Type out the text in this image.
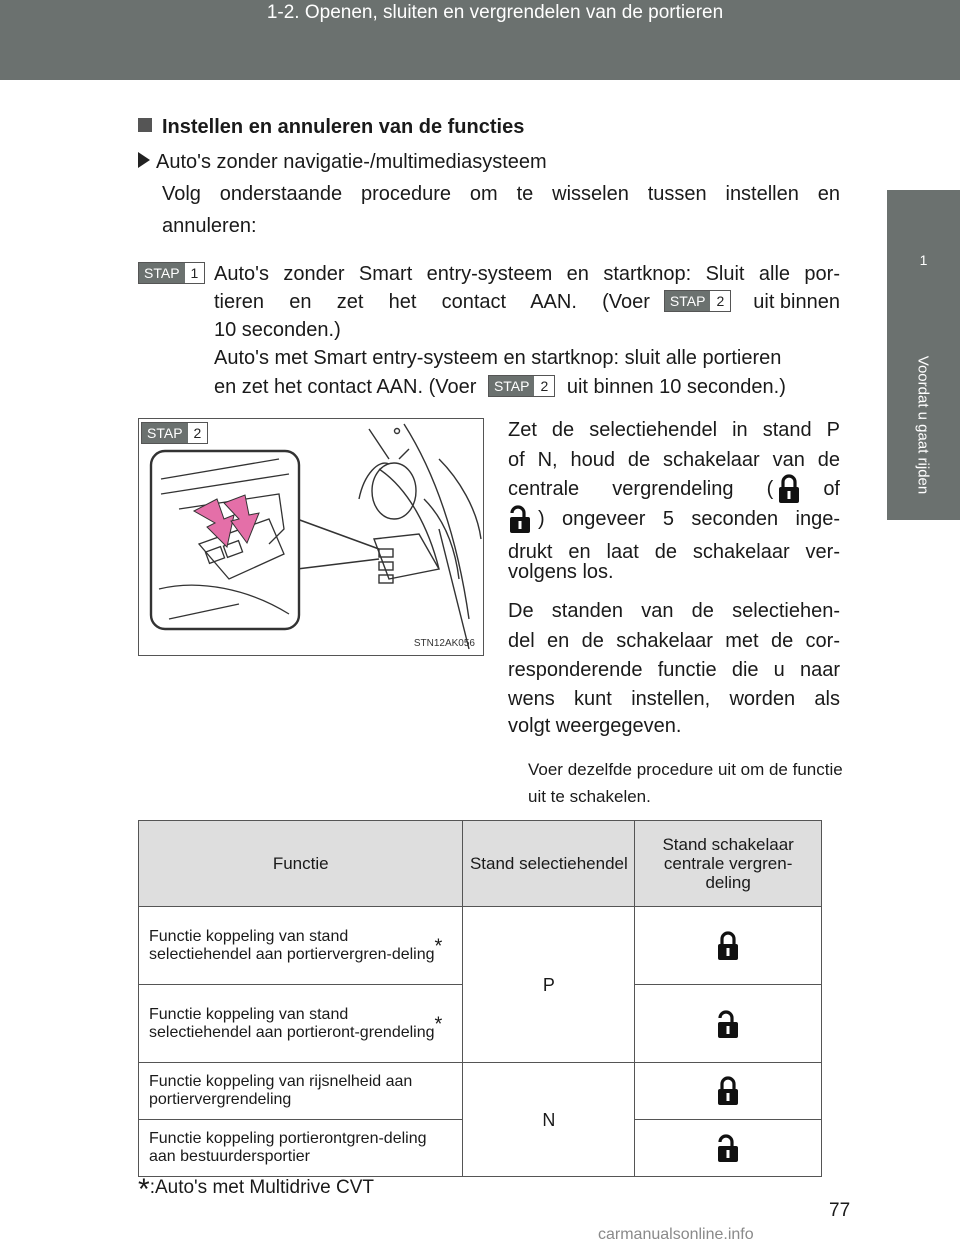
1-2. Openen, sluiten en vergrendelen van de portieren
1
Voordat u gaat rijden
Instellen en annuleren van de functies
Auto's zonder navigatie-/multimediasysteem
Volg onderstaande procedure om te wisselen tussen instellen en
annuleren:
STAP 1 Auto's zonder Smart entry-systeem en startknop: Sluit alle por-
tieren en zet het contact AAN. (Voer	STAP 2	uit binnen
10 seconden.)
Auto's met Smart entry-systeem en startknop: sluit alle portieren
en zet het contact AAN. (Voer	STAP 2 uit binnen 10 seconden.)
STAP 2
STN12AK056
Zet de selectiehendel in stand P
of N, houd de schakelaar van de
centrale vergrendeling (	of
) ongeveer 5 seconden inge-
drukt en laat de schakelaar ver-
volgens los.
De standen van de selectiehen-
del en de schakelaar met de cor-
responderende functie die u naar
wens kunt instellen, worden als
volgt weergegeven.
Voer dezelfde procedure uit om de functie uit te schakelen.
Functie	Stand selectiehendel	Stand schakelaar centrale vergren-deling
Functie koppeling van stand selectiehendel aan portiervergren-deling*	P	

Functie koppeling van stand selectiehendel aan portieront-grendeling*	

Functie koppeling van rijsnelheid aan portiervergrendeling	N	

Functie koppeling portierontgren-deling aan bestuurdersportier	
*:Auto's met Multidrive CVT
77
carmanualsonline.info
